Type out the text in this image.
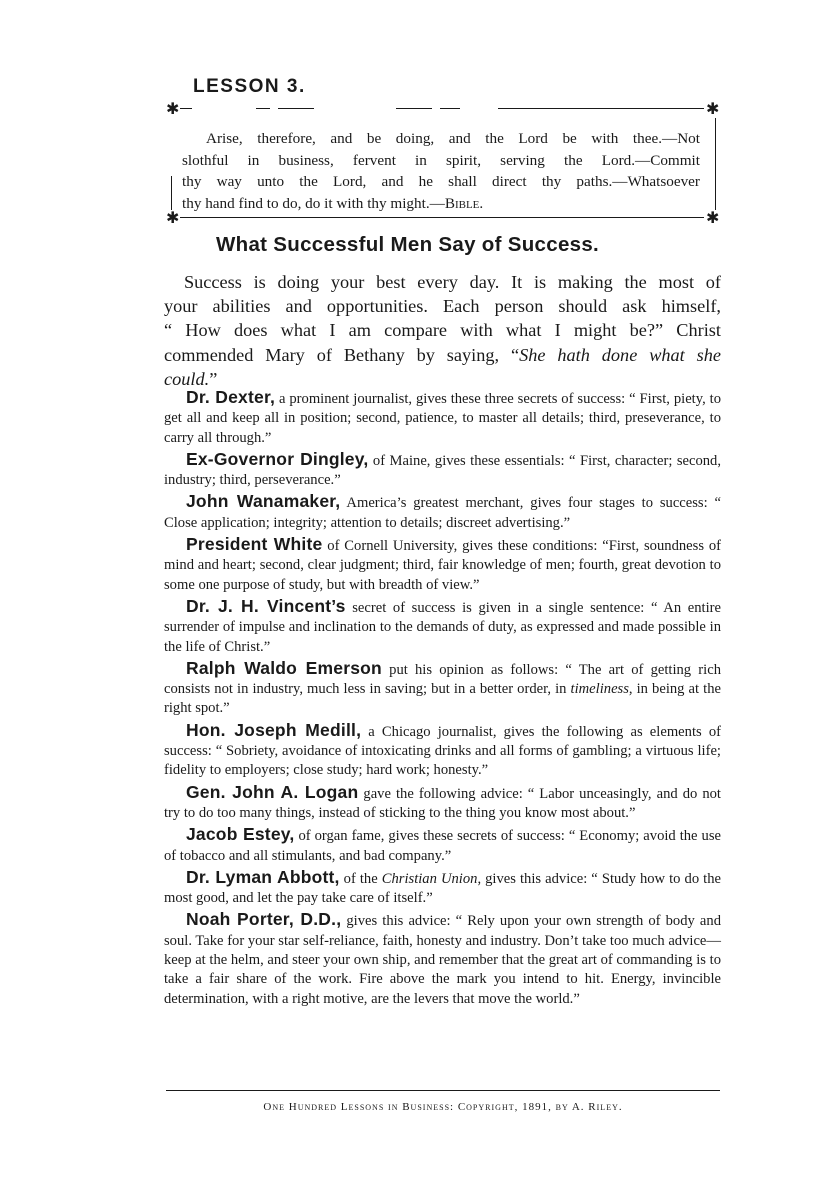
LESSON 3.
✱	✱
Arise, therefore, and be doing, and the Lord be with thee.—Not
slothful in business, fervent in spirit, serving the Lord.—Commit
thy way unto the Lord, and he shall direct thy paths.—Whatsoever
thy hand find to do, do it with thy might.—Bible.
✱	✱
What Successful Men Say of Success.
Success is doing your best every day. It is making the most of
your abilities and opportunities. Each person should ask himself,
“ How does what I am compare with what I might be?” Christ
commended Mary of Bethany by saying, “She hath done what she
could.”
Dr. Dexter, a prominent journalist, gives these three secrets of success: “ First, piety, to get all and keep all in position; second, patience, to master all details; third, preseverance, to carry all through.”
Ex-Governor Dingley, of Maine, gives these essentials: “ First, character; second, industry; third, perseverance.”
John Wanamaker, America’s greatest merchant, gives four stages to success: “ Close application; integrity; attention to details; discreet advertising.”
President White of Cornell University, gives these conditions: “First, soundness of mind and heart; second, clear judgment; third, fair knowledge of men; fourth, great devotion to some one purpose of study, but with breadth of view.”
Dr. J. H. Vincent’s secret of success is given in a single sentence: “ An entire surrender of impulse and inclination to the demands of duty, as expressed and made possible in the life of Christ.”
Ralph Waldo Emerson put his opinion as follows: “ The art of getting rich consists not in industry, much less in saving; but in a better order, in timeliness, in being at the right spot.”
Hon. Joseph Medill, a Chicago journalist, gives the following as elements of success: “ Sobriety, avoidance of intoxicating drinks and all forms of gambling; a virtuous life; fidelity to employers; close study; hard work; honesty.”
Gen. John A. Logan gave the following advice: “ Labor unceasingly, and do not try to do too many things, instead of sticking to the thing you know most about.”
Jacob Estey, of organ fame, gives these secrets of success: “ Economy; avoid the use of tobacco and all stimulants, and bad company.”
Dr. Lyman Abbott, of the Christian Union, gives this advice: “ Study how to do the most good, and let the pay take care of itself.”
Noah Porter, D.D., gives this advice: “ Rely upon your own strength of body and soul. Take for your star self-reliance, faith, honesty and industry. Don’t take too much advice—keep at the helm, and steer your own ship, and remember that the great art of commanding is to take a fair share of the work. Fire above the mark you intend to hit. Energy, invincible determination, with a right motive, are the levers that move the world.”
One Hundred Lessons in Business: Copyright, 1891, by A. Riley.
